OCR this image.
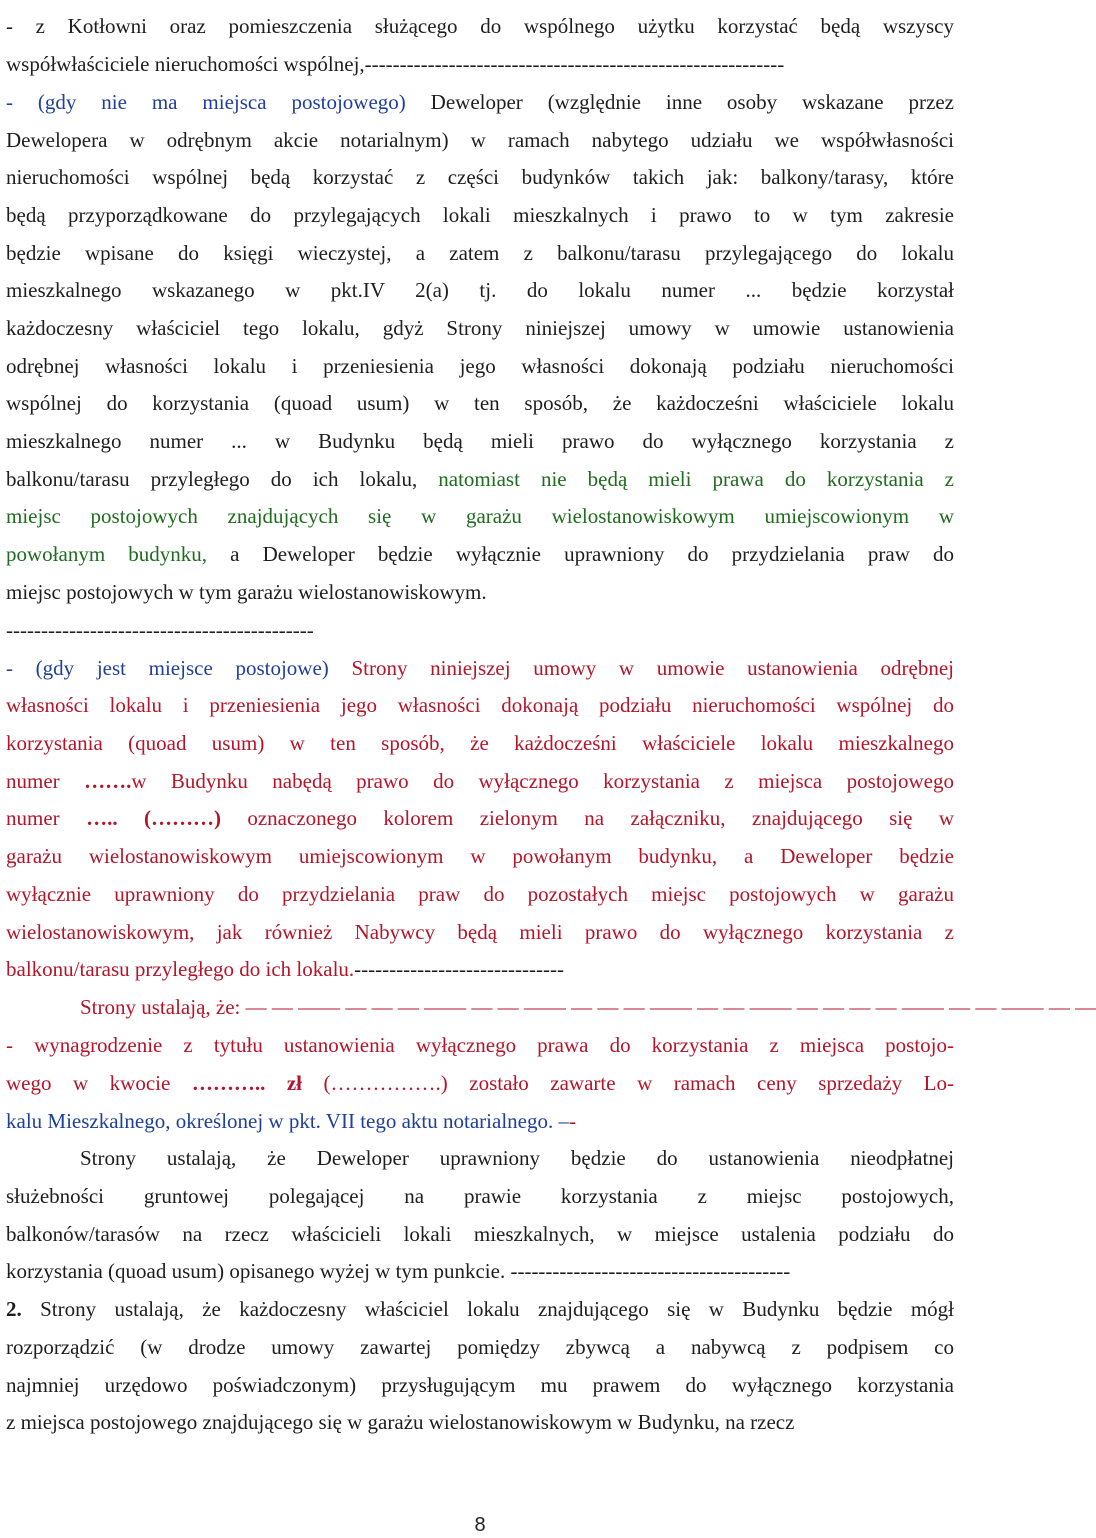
- z Kotłowni oraz pomieszczenia służącego do wspólnego użytku korzystać będą wszyscy
współwłaściciele nieruchomości wspólnej,------------------------------------------------------------
- (gdy nie ma miejsca postojowego) Deweloper (względnie inne osoby wskazane przez
Dewelopera w odrębnym akcie notarialnym) w ramach nabytego udziału we współwłasności
nieruchomości wspólnej będą korzystać z części budynków takich jak: balkony/tarasy, które
będą przyporządkowane do przylegających lokali mieszkalnych i prawo to w tym zakresie
będzie wpisane do księgi wieczystej, a zatem z balkonu/tarasu przylegającego do lokalu
mieszkalnego wskazanego w pkt.IV 2(a) tj. do lokalu numer ... będzie korzystał
każdoczesny właściciel tego lokalu, gdyż Strony niniejszej umowy w umowie ustanowienia
odrębnej własności lokalu i przeniesienia jego własności dokonają podziału nieruchomości
wspólnej do korzystania (quoad usum) w ten sposób, że każdocześni właściciele lokalu
mieszkalnego numer ... w Budynku będą mieli prawo do wyłącznego korzystania z
balkonu/tarasu przyległego do ich lokalu, natomiast nie będą mieli prawa do korzystania z
miejsc postojowych znajdujących się w garażu wielostanowiskowym umiejscowionym w
powołanym budynku, a Deweloper będzie wyłącznie uprawniony do przydzielania praw do
miejsc postojowych w tym garażu wielostanowiskowym.
--------------------------------------------
- (gdy jest miejsce postojowe) Strony niniejszej umowy w umowie ustanowienia odrębnej
własności lokalu i przeniesienia jego własności dokonają podziału nieruchomości wspólnej do
korzystania (quoad usum) w ten sposób, że każdocześni właściciele lokalu mieszkalnego
numer …….w Budynku nabędą prawo do wyłącznego korzystania z miejsca postojowego
numer ….. (………) oznaczonego kolorem zielonym na załączniku, znajdującego się w
garażu wielostanowiskowym umiejscowionym w powołanym budynku, a Deweloper będzie
wyłącznie uprawniony do przydzielania praw do pozostałych miejsc postojowych w garażu
wielostanowiskowym, jak również Nabywcy będą mieli prawo do wyłącznego korzystania z
balkonu/tarasu przyległego do ich lokalu.------------------------------
Strony ustalają, że: — — —— — — — —— — — —— — — — —— — — —— — — — — —— — — —— — —
- wynagrodzenie z tytułu ustanowienia wyłącznego prawa do korzystania z miejsca postojo-
wego w kwocie ……….. zł (…………….) zostało zawarte w ramach ceny sprzedaży Lo-
kalu Mieszkalnego, określonej w pkt. VII tego aktu notarialnego. –-
Strony ustalają, że Deweloper uprawniony będzie do ustanowienia nieodpłatnej
służebności gruntowej polegającej na prawie korzystania z miejsc postojowych,
balkonów/tarasów na rzecz właścicieli lokali mieszkalnych, w miejsce ustalenia podziału do
korzystania (quoad usum) opisanego wyżej w tym punkcie. ----------------------------------------
2. Strony ustalają, że każdoczesny właściciel lokalu znajdującego się w Budynku będzie mógł
rozporządzić (w drodze umowy zawartej pomiędzy zbywcą a nabywcą z podpisem co
najmniej urzędowo poświadczonym) przysługującym mu prawem do wyłącznego korzystania
z miejsca postojowego znajdującego się w garażu wielostanowiskowym w Budynku, na rzecz
8
